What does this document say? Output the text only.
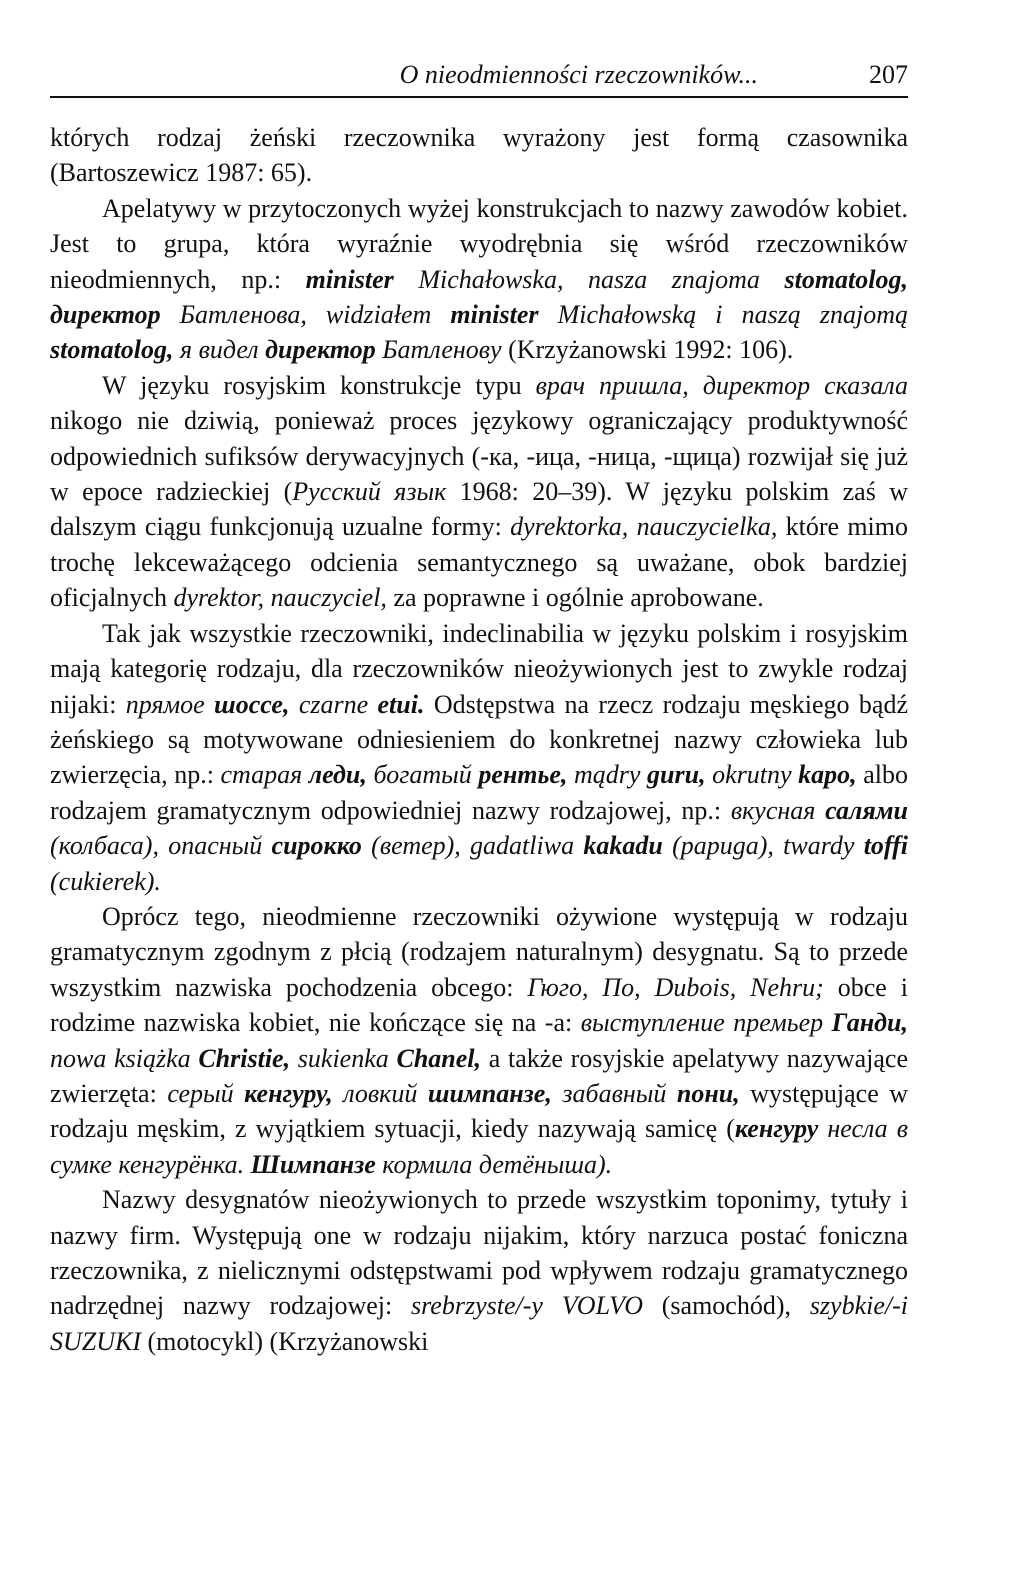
O nieodmienności rzeczowników...	207

których rodzaj żeński rzeczownika wyrażony jest formą czasownika (Bartoszewicz 1987: 65).

Apelatywy w przytoczonych wyżej konstrukcjach to nazwy zawodów kobiet. Jest to grupa, która wyraźnie wyodrębnia się wśród rzeczowników nieodmiennych, np.: minister Michałowska, nasza znajoma stomatolog, директор Батленова, widziałem minister Michałowską i naszą znajomą stomatolog, я видел директор Батленову (Krzyżanowski 1992: 106).

W języku rosyjskim konstrukcje typu врач пришла, директор сказала nikogo nie dziwią, ponieważ proces językowy ograniczający produktywność odpowiednich sufiksów derywacyjnych (-ка, -ица, -ница, -щица) rozwijał się już w epoce radzieckiej (Русский язык 1968: 20–39). W języku polskim zaś w dalszym ciągu funkcjonują uzualne formy: dyrektorka, nauczycielka, które mimo trochę lekceważącego odcienia semantycznego są uważane, obok bardziej oficjalnych dyrektor, nauczyciel, za poprawne i ogólnie aprobowane.

Tak jak wszystkie rzeczowniki, indeclinabilia w języku polskim i rosyjskim mają kategorię rodzaju, dla rzeczowników nieożywionych jest to zwykle rodzaj nijaki: прямое шоссе, czarne etui. Odstępstwa na rzecz rodzaju męskiego bądź żeńskiego są motywowane odniesieniem do konkretnej nazwy człowieka lub zwierzęcia, np.: старая леди, богатый рентье, mądry guru, okrutny kapo, albo rodzajem gramatycznym odpowiedniej nazwy rodzajowej, np.: вкусная салями (колбаса), опасный сирокко (ветер), gadatliwa kakadu (papuga), twardy toffi (cukierek).

Oprócz tego, nieodmienne rzeczowniki ożywione występują w rodzaju gramatycznym zgodnym z płcią (rodzajem naturalnym) desygnatu. Są to przede wszystkim nazwiska pochodzenia obcego: Гюго, По, Dubois, Nehru; obce i rodzime nazwiska kobiet, nie kończące się na -a: выступление премьер Ганди, nowa książka Christie, sukienka Chanel, a także rosyjskie apelatywy nazywające zwierzęta: серый кенгуру, ловкий шимпанзе, забавный пони, występujące w rodzaju męskim, z wyjątkiem sytuacji, kiedy nazywają samicę (кенгуру несла в сумке кенгурёнка. Шимпанзе кормила детёныша).

Nazwy desygnatów nieożywionych to przede wszystkim toponimy, tytuły i nazwy firm. Występują one w rodzaju nijakim, który narzuca postać foniczna rzeczownika, z nielicznymi odstępstwami pod wpływem rodzaju gramatycznego nadrzędnej nazwy rodzajowej: srebrzyste/-y VOLVO (samochód), szybkie/-i SUZUKI (motocykl) (Krzyżanowski
